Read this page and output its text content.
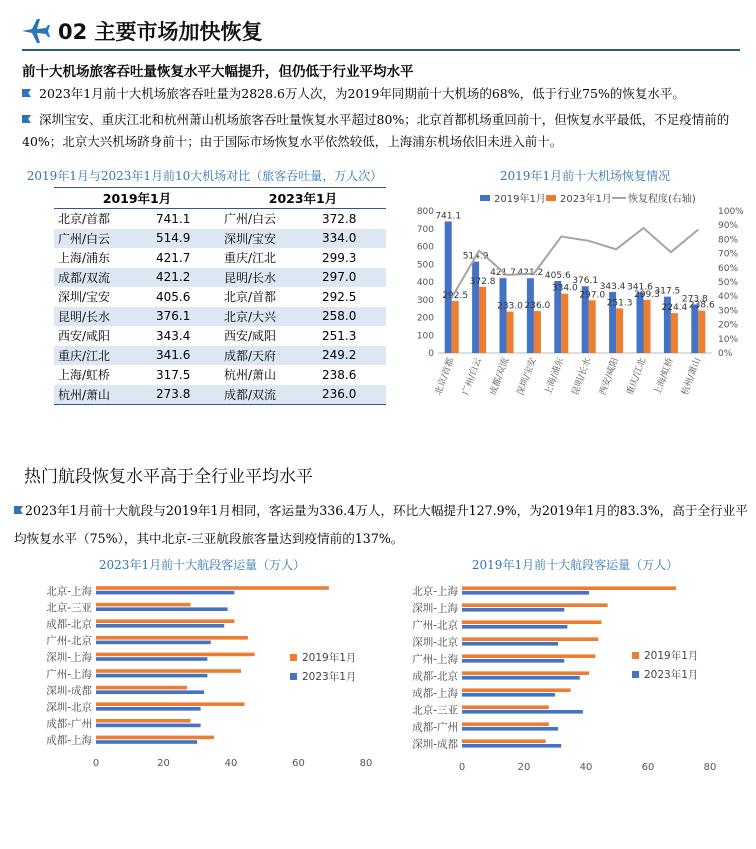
02 主要市场加快恢复
前十大机场旅客吞吐量恢复水平大幅提升，但仍低于行业平均水平
2023年1月前十大机场旅客吞吐量为2828.6万人次，为2019年同期前十大机场的68%，低于行业75%的恢复水平。
深圳宝安、重庆江北和杭州萧山机场旅客吞吐量恢复水平超过80%；北京首都机场重回前十，但恢复水平最低，不足疫情前的40%；北京大兴机场跻身前十；由于国际市场恢复水平依然较低，上海浦东机场依旧未进入前十。
2019年1月与2023年1月前10大机场对比（旅客吞吐量，万人次）
2019年1月		2023年1月	
北京/首都	741.1	广州/白云	372.8
广州/白云	514.9	深圳/宝安	334.0
上海/浦东	421.7	重庆/江北	299.3
成都/双流	421.2	昆明/长水	297.0
深圳/宝安	405.6	北京/首都	292.5
昆明/长水	376.1	北京/大兴	258.0
西安/咸阳	343.4	西安/咸阳	251.3
重庆/江北	341.6	成都/天府	249.2
上海/虹桥	317.5	杭州/萧山	238.6
杭州/萧山	273.8	成都/双流	236.0
2019年1月前十大机场恢复情况
2019年1月 2023年1月 恢复程度(右轴)
0
100
200
300
400
500
600
700
800
0%
10%
20%
30%
40%
50%
60%
70%
80%
90%
100%
741.1
292.5
北京/首都
514.9
372.8
广州/白云
421.7
233.0
成都/双流
421.2
236.0
深圳/宝安
405.6
334.0
上海/浦东
376.1
297.0
昆明/长水
343.4
251.3
西安/咸阳
341.6
299.3
重庆/江北
317.5
224.4
上海/虹桥
273.8
238.6
杭州/萧山
热门航段恢复水平高于全行业平均水平
2023年1月前十大航段与2019年1月相同，客运量为336.4万人，环比大幅提升127.9%，为2019年1月的83.3%，高于全行业平均恢复水平（75%），其中北京-三亚航段旅客量达到疫情前的137%。
2023年1月前十大航段客运量（万人）
北京-上海
北京-三亚
成都-北京
广州-北京
深圳-上海
广州-上海
深圳-成都
深圳-北京
成都-广州
成都-上海
0	20	40	60	80
2019年1月
2023年1月
2019年1月前十大航段客运量（万人）
北京-上海
深圳-上海
广州-北京
深圳-北京
广州-上海
成都-北京
成都-上海
北京-三亚
成都-广州
深圳-成都
0	20	40	60	80
2019年1月
2023年1月
